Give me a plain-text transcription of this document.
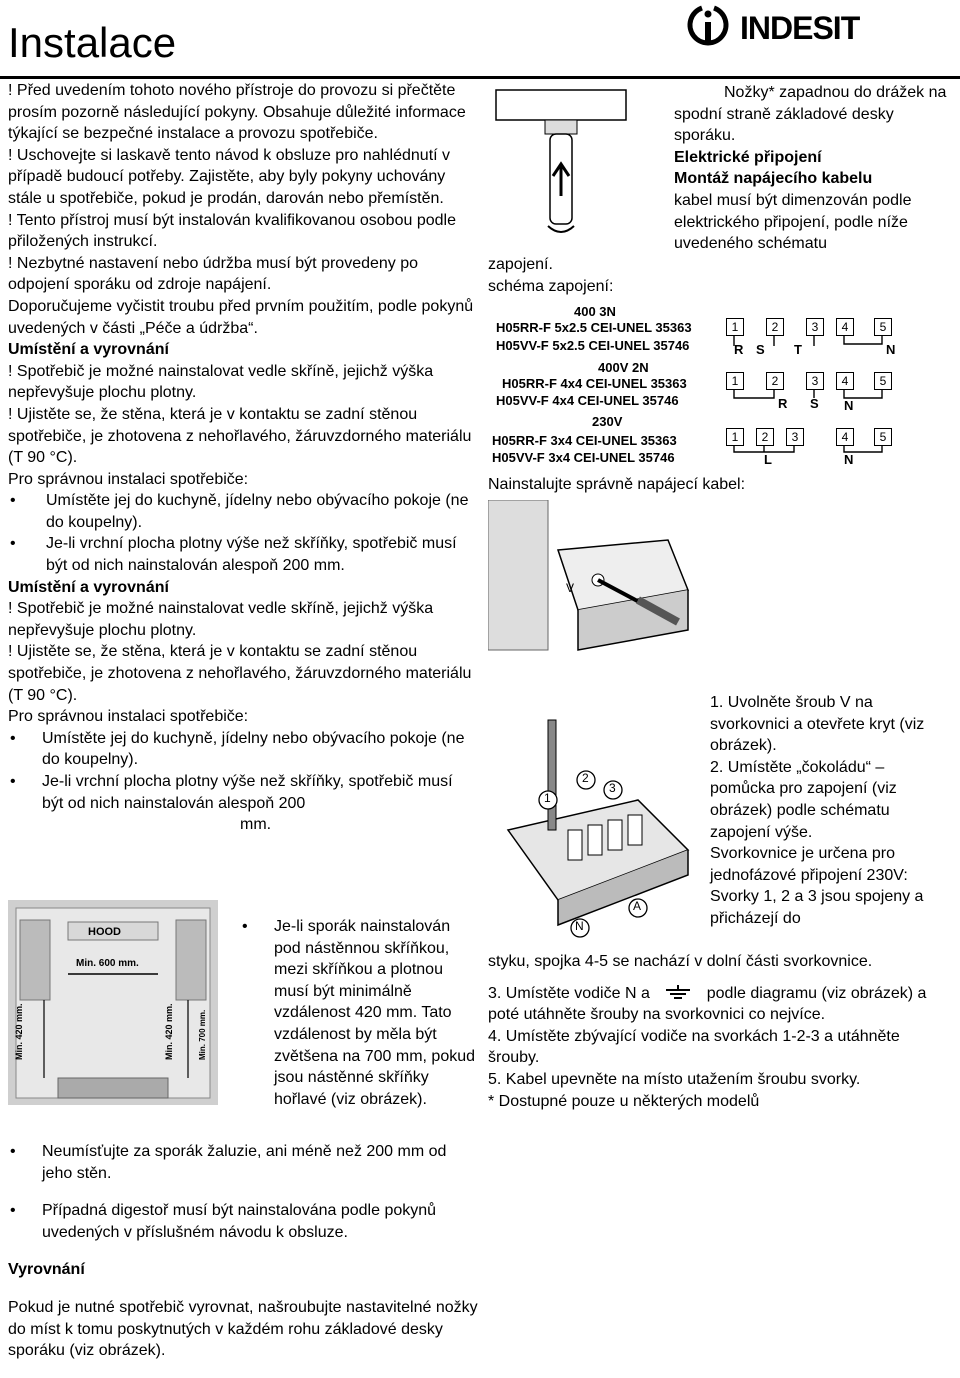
Instalace	INDESIT

! Před uvedením tohoto nového přístroje do provozu si přečtěte prosím pozorně následující pokyny. Obsahuje důležité informace týkající se bezpečné instalace a provozu spotřebiče.

! Uschovejte si laskavě tento návod k obsluze pro nahlédnutí v případě budoucí potřeby. Zajistěte, aby byly pokyny uchovány stále u spotřebiče, pokud je prodán, darován nebo přemístěn.

! Tento přístroj musí být instalován kvalifikovanou osobou podle přiložených instrukcí.

! Nezbytné nastavení nebo údržba musí být provedeny po odpojení sporáku od zdroje napájení.

Doporučujeme vyčistit troubu před prvním použitím, podle pokynů uvedených v části „Péče a údržba“.

Umístění a vyrovnání

! Spotřebič je možné nainstalovat vedle skříně, jejichž výška nepřevyšuje plochu plotny.

! Ujistěte se, že stěna, která je v kontaktu se zadní stěnou spotřebiče, je zhotovena z nehořlavého, žáruvzdorného materiálu (T 90 °C).

Pro správnou instalaci spotřebiče:

• Umístěte jej do kuchyně, jídelny nebo obývacího pokoje (ne do koupelny).

• Je-li vrchní plocha plotny výše než skříňky, spotřebič musí být od nich nainstalován alespoň 200 mm.

Umístění a vyrovnání

! Spotřebič je možné nainstalovat vedle skříně, jejichž výška nepřevyšuje plochu plotny.

! Ujistěte se, že stěna, která je v kontaktu se zadní stěnou spotřebiče, je zhotovena z nehořlavého, žáruvzdorného materiálu (T 90 °C).

Pro správnou instalaci spotřebiče:

• Umístěte jej do kuchyně, jídelny nebo obývacího pokoje (ne do koupelny).

• Je-li vrchní plocha plotny výše než skříňky, spotřebič musí být od nich nainstalován alespoň 200

mm.

HOOD
Min. 600 mm.
Min. 420 mm.	Min. 420 mm.	Min. 700 mm.

• Je-li sporák nainstalován pod nástěnnou skříňkou, mezi skříňkou a plotnou musí být minimálně vzdálenost 420 mm. Tato vzdálenost by měla být zvětšena na 700 mm, pokud jsou nástěnné skříňky hořlavé (viz obrázek).

• Neumísťujte za sporák žaluzie, ani méně než 200 mm od jeho stěn.

• Případná digestoř musí být nainstalována podle pokynů uvedených v příslušném návodu k obsluze.

Vyrovnání

Pokud je nutné spotřebič vyrovnat, našroubujte nastavitelné nožky do míst k tomu poskytnutých v každém rohu základové desky sporáku (viz obrázek).

Nožky* zapadnou do drážek na spodní straně základové desky sporáku.

Elektrické připojení

Montáž napájecího kabelu

kabel musí být dimenzován podle elektrického připojení, podle níže uvedeného schématu

zapojení.

schéma zapojení:

400 3N
H05RR-F 5x2.5 CEI-UNEL 35363
H05VV-F 5x2.5 CEI-UNEL 35746
400V 2N
H05RR-F 4x4 CEI-UNEL 35363
H05VV-F 4x4 CEI-UNEL 35746
230V
H05RR-F 3x4 CEI-UNEL 35363
H05VV-F 3x4 CEI-UNEL 35746
1	2	3	4	5
R S T	N
1	2	3	4	5
R S N
1	2	3	4	5
L	N

Nainstalujte správně napájecí kabel:

V
2
3
1
A
N

1. Uvolněte šroub V na svorkovnici a otevřete kryt (viz obrázek).

2. Umístěte „čokoládu“ – pomůcka pro zapojení (viz obrázek) podle schématu zapojení výše.

Svorkovnice je určena pro jednofázové připojení 230V: Svorky 1, 2 a 3 jsou spojeny a přicházejí do

styku, spojka 4-5 se nachází v dolní části svorkovnice.

3. Umístěte vodiče N a	podle diagramu (viz obrázek) a poté utáhněte šrouby na svorkovnici co nejvíce.

4. Umístěte zbývající vodiče na svorkách 1-2-3 a utáhněte šrouby.

5. Kabel upevněte na místo utažením šroubu svorky.

* Dostupné pouze u některých modelů
